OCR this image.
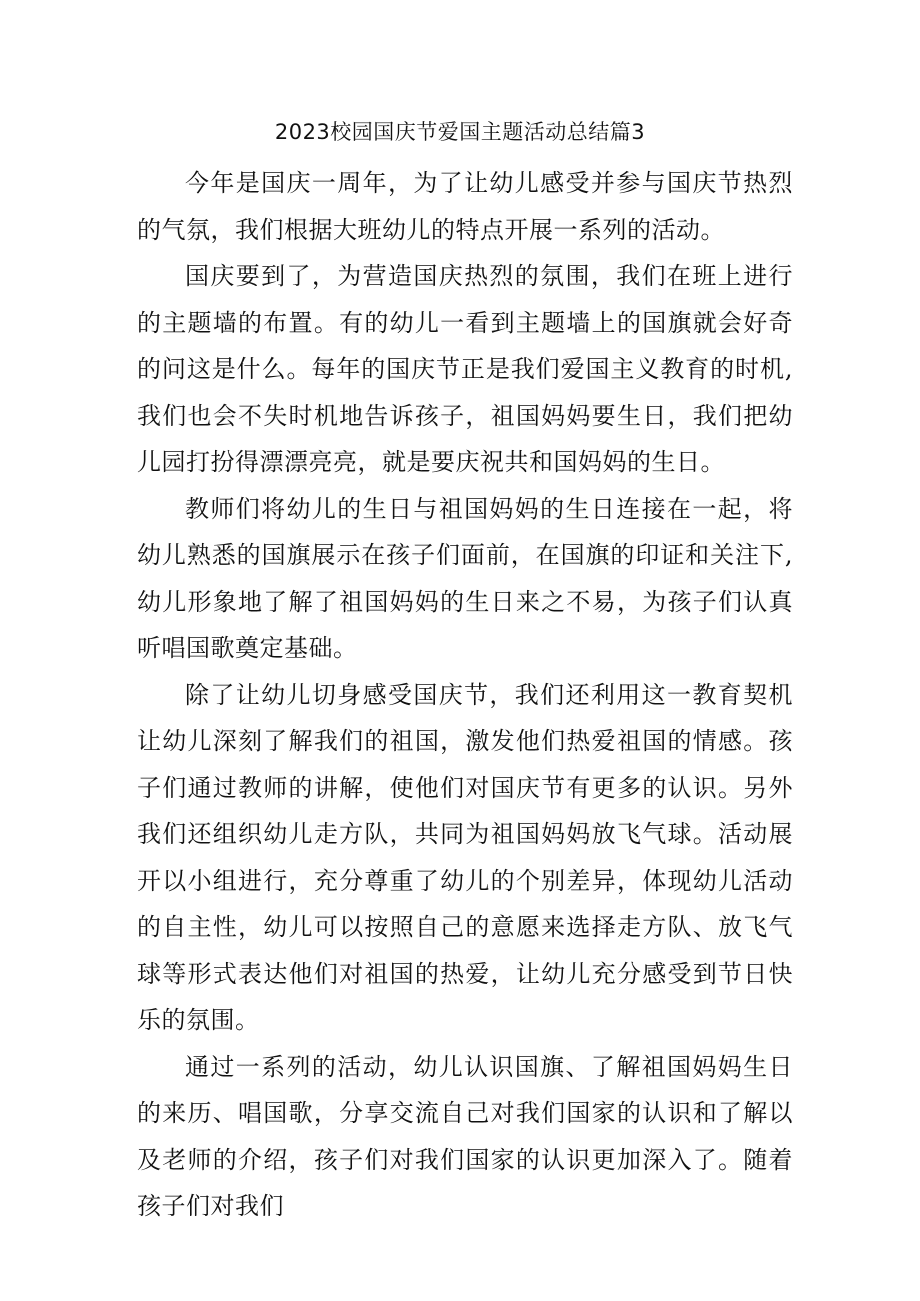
2023校园国庆节爱国主题活动总结篇3

今年是国庆一周年，为了让幼儿感受并参与国庆节热烈的气氛，我们根据大班幼儿的特点开展一系列的活动。

国庆要到了，为营造国庆热烈的氛围，我们在班上进行的主题墙的布置。有的幼儿一看到主题墙上的国旗就会好奇的问这是什么。每年的国庆节正是我们爱国主义教育的时机,我们也会不失时机地告诉孩子，祖国妈妈要生日，我们把幼儿园打扮得漂漂亮亮，就是要庆祝共和国妈妈的生日。

教师们将幼儿的生日与祖国妈妈的生日连接在一起，将幼儿熟悉的国旗展示在孩子们面前，在国旗的印证和关注下,幼儿形象地了解了祖国妈妈的生日来之不易，为孩子们认真听唱国歌奠定基础。

除了让幼儿切身感受国庆节，我们还利用这一教育契机让幼儿深刻了解我们的祖国，激发他们热爱祖国的情感。孩子们通过教师的讲解，使他们对国庆节有更多的认识。另外我们还组织幼儿走方队，共同为祖国妈妈放飞气球。活动展开以小组进行，充分尊重了幼儿的个别差异，体现幼儿活动的自主性，幼儿可以按照自己的意愿来选择走方队、放飞气球等形式表达他们对祖国的热爱，让幼儿充分感受到节日快乐的氛围。

通过一系列的活动，幼儿认识国旗、了解祖国妈妈生日的来历、唱国歌，分享交流自己对我们国家的认识和了解以及老师的介绍，孩子们对我们国家的认识更加深入了。随着孩子们对我们
